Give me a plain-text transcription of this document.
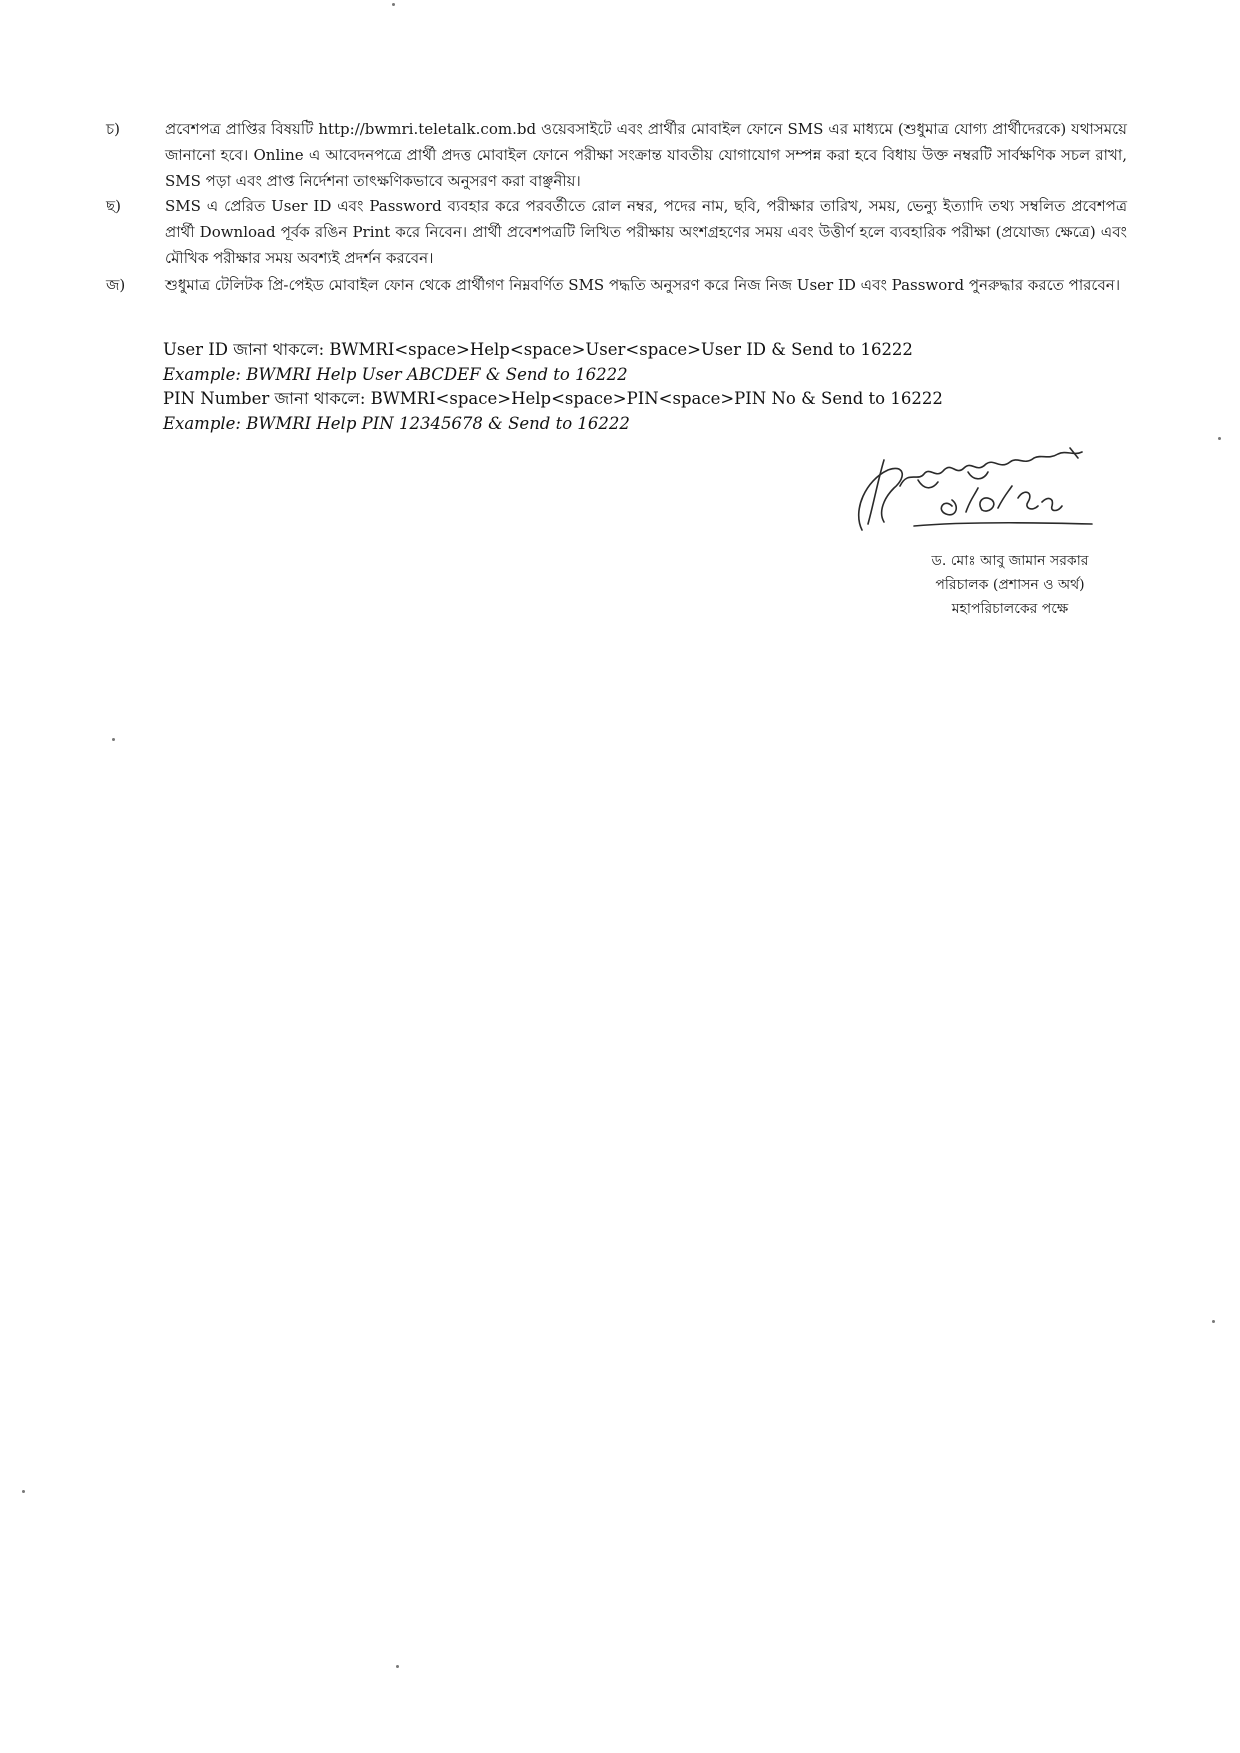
চ)	প্রবেশপত্র প্রাপ্তির বিষয়টি http://bwmri.teletalk.com.bd ওয়েবসাইটে এবং প্রার্থীর মোবাইল ফোনে SMS এর মাধ্যমে (শুধুমাত্র যোগ্য প্রার্থীদেরকে) যথাসময়ে জানানো হবে। Online এ আবেদনপত্রে প্রার্থী প্রদত্ত মোবাইল ফোনে পরীক্ষা সংক্রান্ত যাবতীয় যোগাযোগ সম্পন্ন করা হবে বিধায় উক্ত নম্বরটি সার্বক্ষণিক সচল রাখা, SMS পড়া এবং প্রাপ্ত নির্দেশনা তাৎক্ষণিকভাবে অনুসরণ করা বাঞ্ছনীয়।
ছ)	SMS এ প্রেরিত User ID এবং Password ব্যবহার করে পরবর্তীতে রোল নম্বর, পদের নাম, ছবি, পরীক্ষার তারিখ, সময়, ভেন্যু ইত্যাদি তথ্য সম্বলিত প্রবেশপত্র প্রার্থী Download পূর্বক রঙিন Print করে নিবেন। প্রার্থী প্রবেশপত্রটি লিখিত পরীক্ষায় অংশগ্রহণের সময় এবং উত্তীর্ণ হলে ব্যবহারিক পরীক্ষা (প্রযোজ্য ক্ষেত্রে) এবং মৌখিক পরীক্ষার সময় অবশ্যই প্রদর্শন করবেন।
জ)	শুধুমাত্র টেলিটক প্রি-পেইড মোবাইল ফোন থেকে প্রার্থীগণ নিম্নবর্ণিত SMS পদ্ধতি অনুসরণ করে নিজ নিজ User ID এবং Password পুনরুদ্ধার করতে পারবেন।
User ID জানা থাকলে: BWMRI<space>Help<space>User<space>User ID & Send to 16222
Example: BWMRI Help User ABCDEF & Send to 16222
PIN Number জানা থাকলে: BWMRI<space>Help<space>PIN<space>PIN No & Send to 16222
Example: BWMRI Help PIN 12345678 & Send to 16222
ড. মোঃ আবু জামান সরকার
পরিচালক (প্রশাসন ও অর্থ)
মহাপরিচালকের পক্ষে
